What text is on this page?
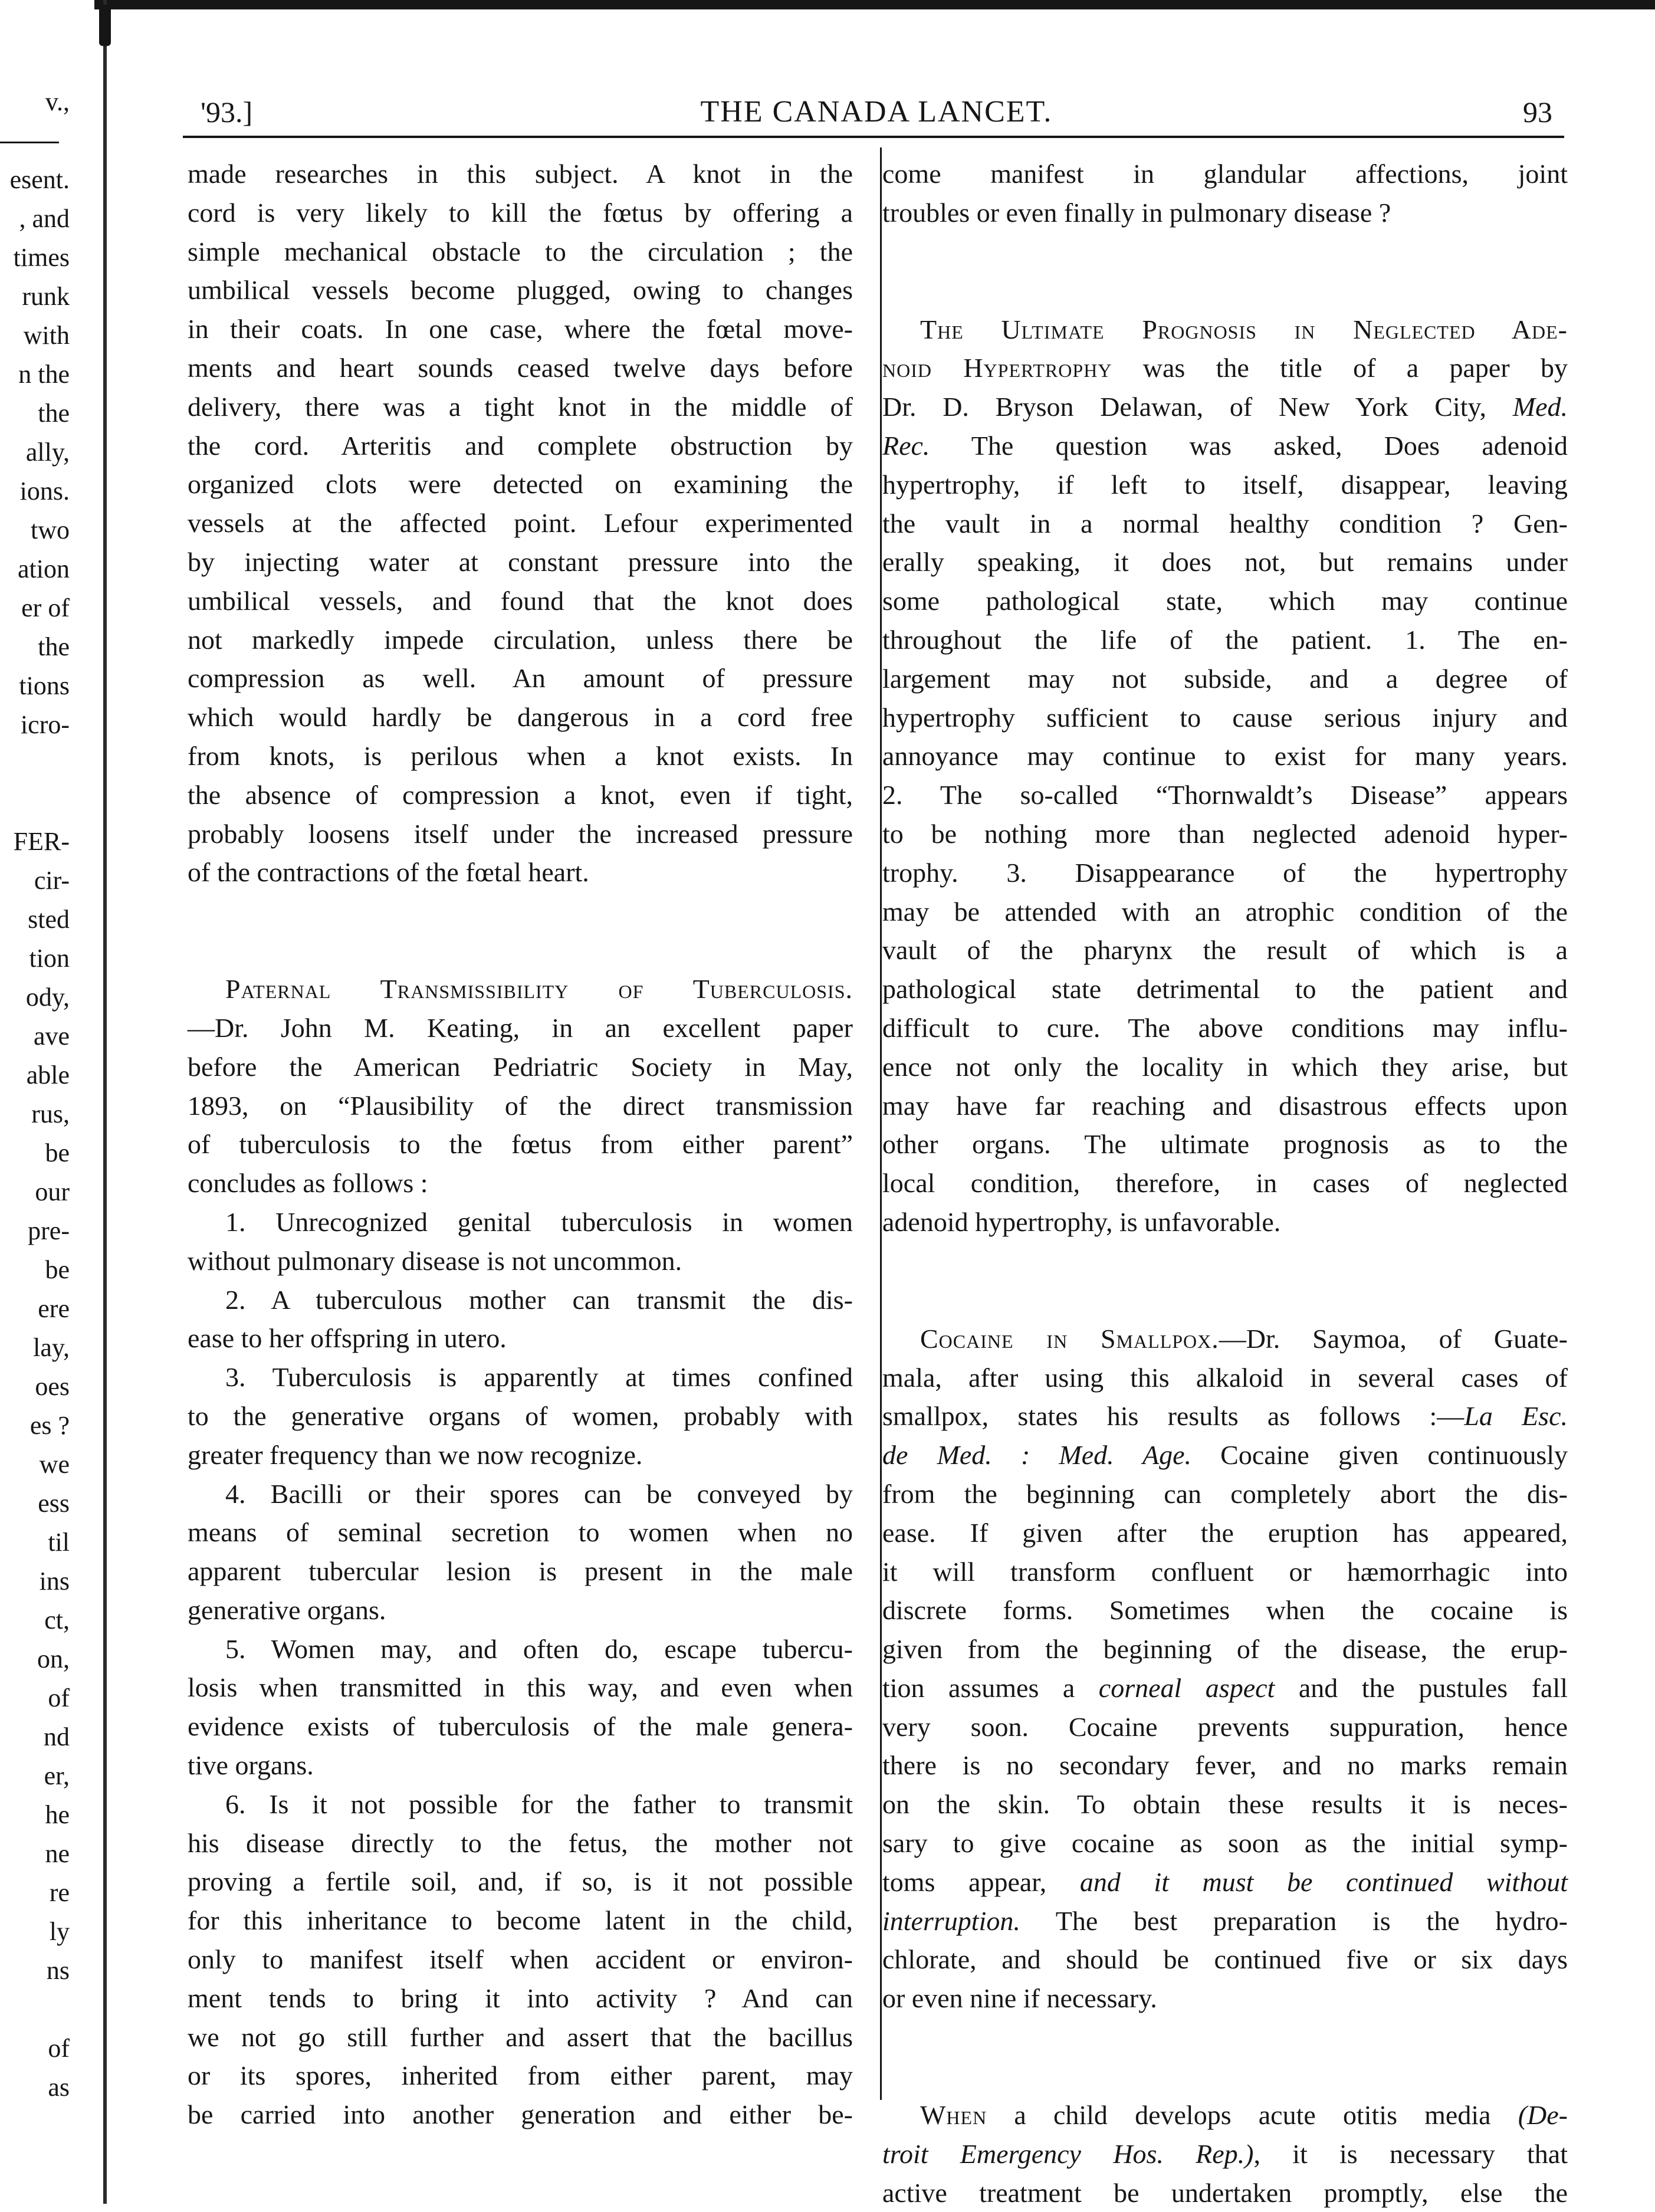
v.,
esent.
, and
times
runk
with
n the
the
ally,
ions.
two
ation
er of
the
tions
icro-
FER-
cir-
sted
tion
ody,
ave
able
rus,
be
our
pre-
be
ere
lay,
oes
es ?
we
ess
til
ins
ct,
on,
of
nd
er,
he
ne
re
ly
ns
of
as
'93.]	THE CANADA LANCET.	93

made researches in this subject. A knot in the

cord is very likely to kill the fœtus by offering a

simple mechanical obstacle to the circulation ; the

umbilical vessels become plugged, owing to changes

in their coats. In one case, where the fœtal move-

ments and heart sounds ceased twelve days before

delivery, there was a tight knot in the middle of

the cord. Arteritis and complete obstruction by

organized clots were detected on examining the

vessels at the affected point. Lefour experimented

by injecting water at constant pressure into the

umbilical vessels, and found that the knot does

not markedly impede circulation, unless there be

compression as well. An amount of pressure

which would hardly be dangerous in a cord free

from knots, is perilous when a knot exists. In

the absence of compression a knot, even if tight,

probably loosens itself under the increased pressure

of the contractions of the fœtal heart.

Paternal Transmissibility of Tuberculosis.

—Dr. John M. Keating, in an excellent paper

before the American Pedriatric Society in May,

1893, on “Plausibility of the direct transmission

of tuberculosis to the fœtus from either parent”

concludes as follows :

1. Unrecognized genital tuberculosis in women

without pulmonary disease is not uncommon.

2. A tuberculous mother can transmit the dis-

ease to her offspring in utero.

3. Tuberculosis is apparently at times confined

to the generative organs of women, probably with

greater frequency than we now recognize.

4. Bacilli or their spores can be conveyed by

means of seminal secretion to women when no

apparent tubercular lesion is present in the male

generative organs.

5. Women may, and often do, escape tubercu-

losis when transmitted in this way, and even when

evidence exists of tuberculosis of the male genera-

tive organs.

6. Is it not possible for the father to transmit

his disease directly to the fetus, the mother not

proving a fertile soil, and, if so, is it not possible

for this inheritance to become latent in the child,

only to manifest itself when accident or environ-

ment tends to bring it into activity ? And can

we not go still further and assert that the bacillus

or its spores, inherited from either parent, may

be carried into another generation and either be-

come manifest in glandular affections, joint

troubles or even finally in pulmonary disease ?

The Ultimate Prognosis in Neglected Ade-

noid Hypertrophy was the title of a paper by

Dr. D. Bryson Delawan, of New York City, Med.

Rec. The question was asked, Does adenoid

hypertrophy, if left to itself, disappear, leaving

the vault in a normal healthy condition ? Gen-

erally speaking, it does not, but remains under

some pathological state, which may continue

throughout the life of the patient. 1. The en-

largement may not subside, and a degree of

hypertrophy sufficient to cause serious injury and

annoyance may continue to exist for many years.

2. The so-called “Thornwaldt’s Disease” appears

to be nothing more than neglected adenoid hyper-

trophy. 3. Disappearance of the hypertrophy

may be attended with an atrophic condition of the

vault of the pharynx the result of which is a

pathological state detrimental to the patient and

difficult to cure. The above conditions may influ-

ence not only the locality in which they arise, but

may have far reaching and disastrous effects upon

other organs. The ultimate prognosis as to the

local condition, therefore, in cases of neglected

adenoid hypertrophy, is unfavorable.

Cocaine in Smallpox.—Dr. Saymoa, of Guate-

mala, after using this alkaloid in several cases of

smallpox, states his results as follows :—La Esc.

de Med. : Med. Age. Cocaine given continuously

from the beginning can completely abort the dis-

ease. If given after the eruption has appeared,

it will transform confluent or hæmorrhagic into

discrete forms. Sometimes when the cocaine is

given from the beginning of the disease, the erup-

tion assumes a corneal aspect and the pustules fall

very soon. Cocaine prevents suppuration, hence

there is no secondary fever, and no marks remain

on the skin. To obtain these results it is neces-

sary to give cocaine as soon as the initial symp-

toms appear, and it must be continued without

interruption. The best preparation is the hydro-

chlorate, and should be continued five or six days

or even nine if necessary.

When a child develops acute otitis media (De-

troit Emergency Hos. Rep.), it is necessary that

active treatment be undertaken promptly, else the
